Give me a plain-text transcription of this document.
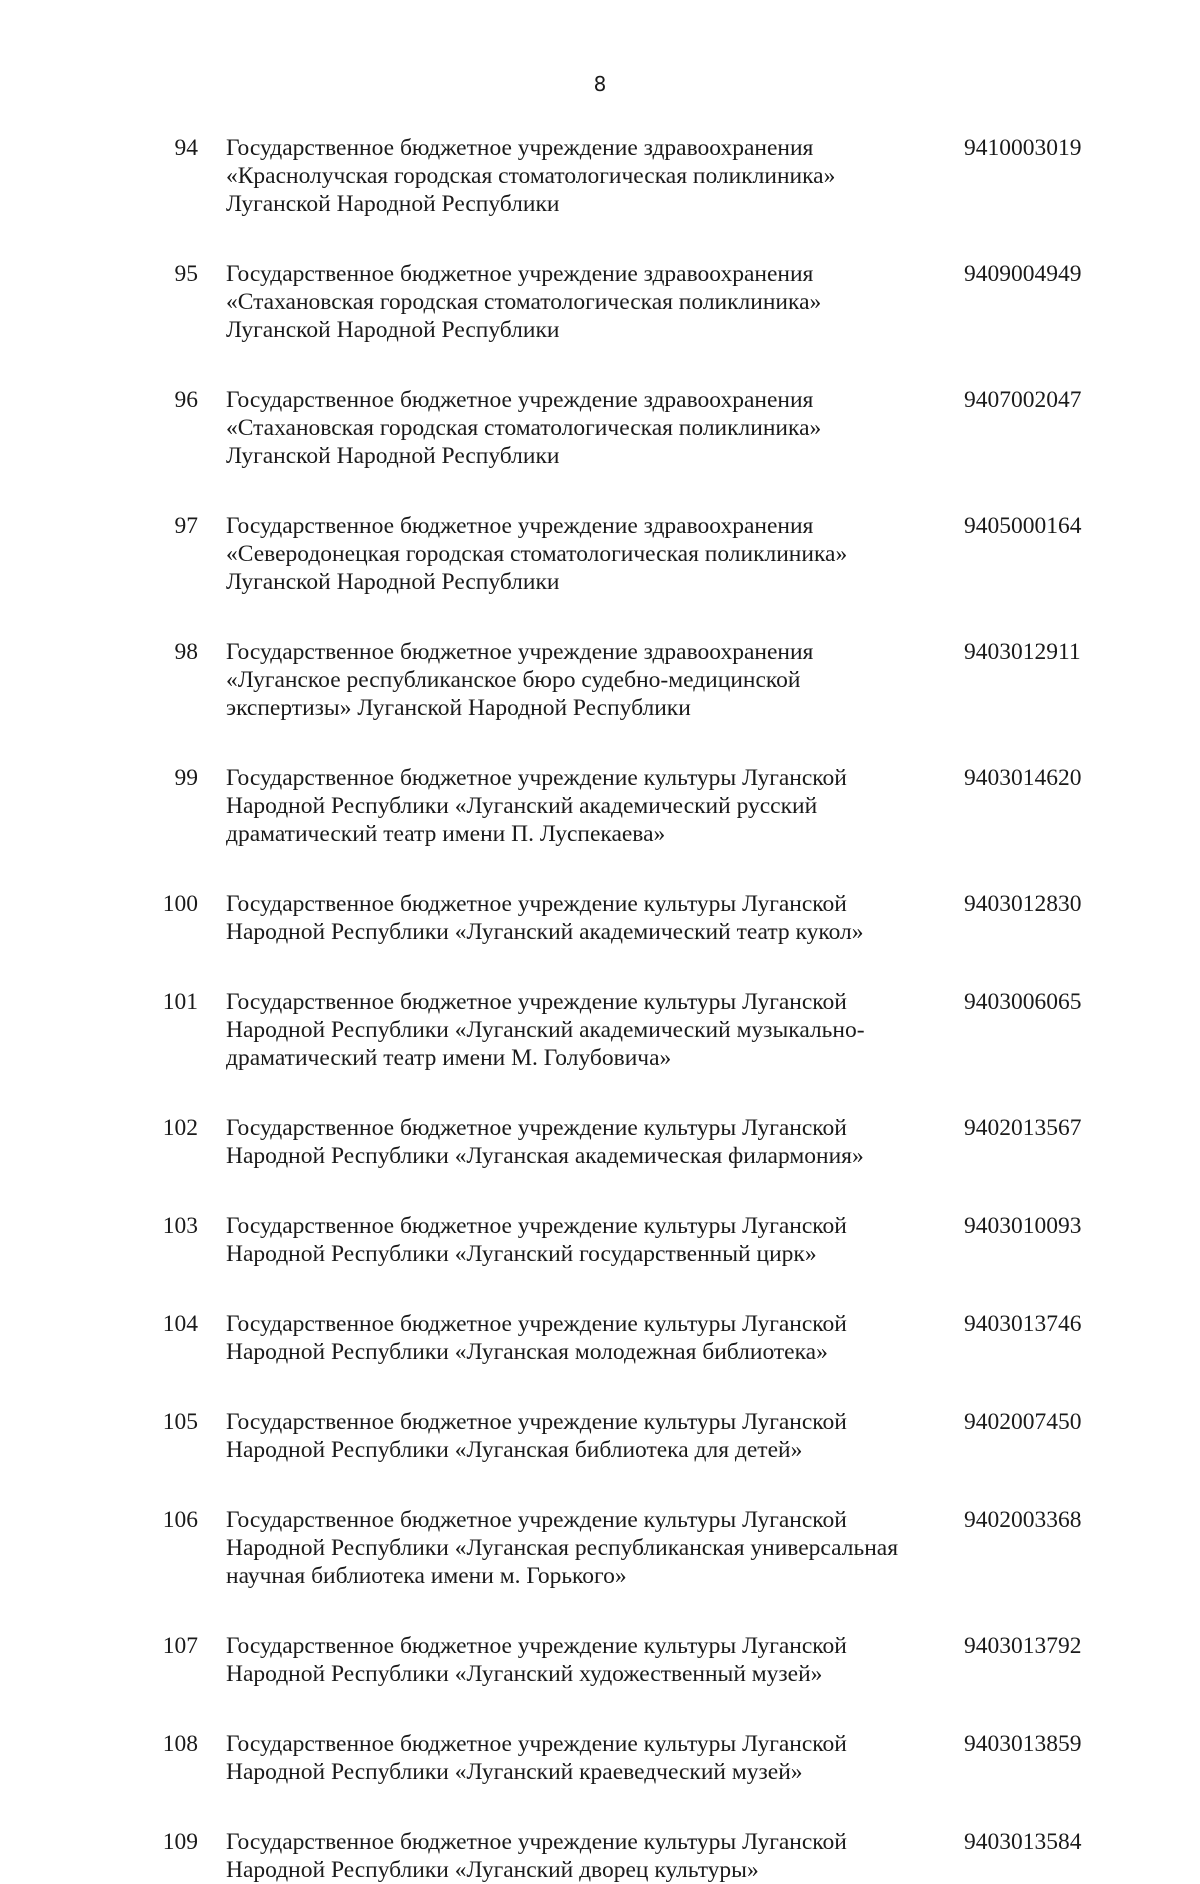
8
94 Государственное бюджетное учреждение здравоохранения
«Краснолучская городская стоматологическая поликлиника»
Луганской Народной Республики
9410003019
95 Государственное бюджетное учреждение здравоохранения
«Стахановская городская стоматологическая поликлиника»
Луганской Народной Республики
9409004949
96 Государственное бюджетное учреждение здравоохранения
«Стахановская городская стоматологическая поликлиника»
Луганской Народной Республики
9407002047
97 Государственное бюджетное учреждение здравоохранения
«Северодонецкая городская стоматологическая поликлиника»
Луганской Народной Республики
9405000164
98 Государственное бюджетное учреждение здравоохранения
«Луганское республиканское бюро судебно-медицинской
экспертизы» Луганской Народной Республики
9403012911
99 Государственное бюджетное учреждение культуры Луганской
Народной Республики «Луганский академический русский
драматический театр имени П. Луспекаева»
9403014620
100 Государственное бюджетное учреждение культуры Луганской
Народной Республики «Луганский академический театр кукол»
9403012830
101 Государственное бюджетное учреждение культуры Луганской
Народной Республики «Луганский академический музыкально-
драматический театр имени М. Голубовича»
9403006065
102 Государственное бюджетное учреждение культуры Луганской
Народной Республики «Луганская академическая филармония»
9402013567
103 Государственное бюджетное учреждение культуры Луганской
Народной Республики «Луганский государственный цирк»
9403010093
104 Государственное бюджетное учреждение культуры Луганской
Народной Республики «Луганская молодежная библиотека»
9403013746
105 Государственное бюджетное учреждение культуры Луганской
Народной Республики «Луганская библиотека для детей»
9402007450
106 Государственное бюджетное учреждение культуры Луганской
Народной Республики «Луганская республиканская универсальная
научная библиотека имени м. Горького»
9402003368
107 Государственное бюджетное учреждение культуры Луганской
Народной Республики «Луганский художественный музей»
9403013792
108 Государственное бюджетное учреждение культуры Луганской
Народной Республики «Луганский краеведческий музей»
9403013859
109 Государственное бюджетное учреждение культуры Луганской
Народной Республики «Луганский дворец культуры»
9403013584
